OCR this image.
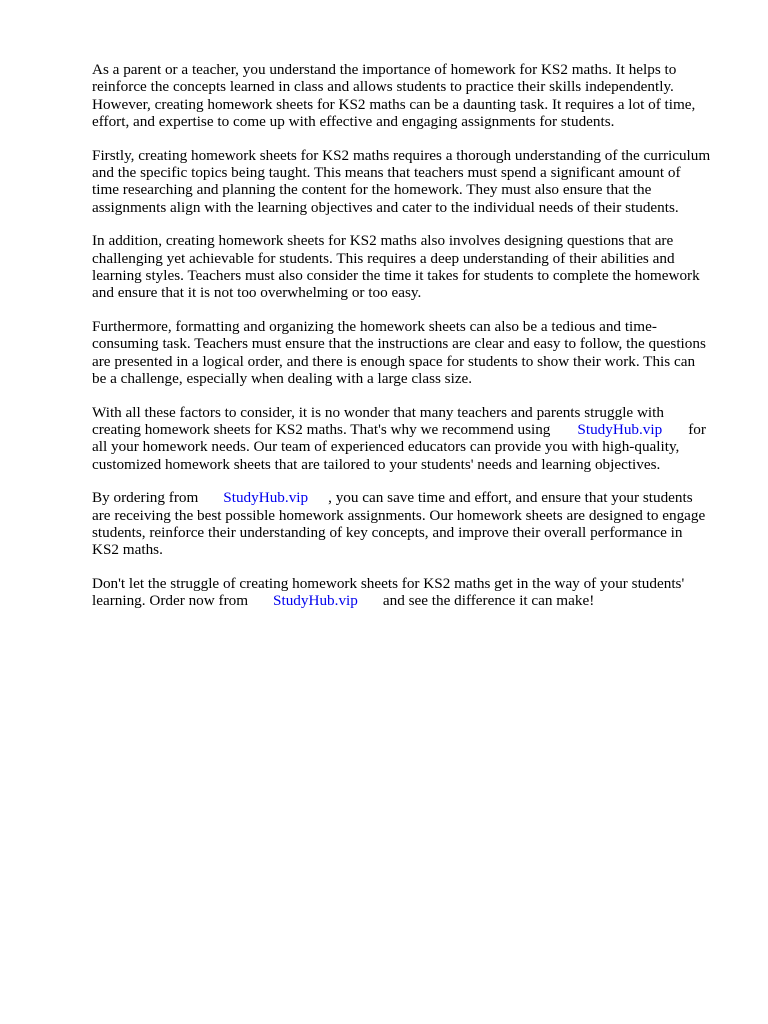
As a parent or a teacher, you understand the importance of homework for KS2 maths. It helps to
reinforce the concepts learned in class and allows students to practice their skills independently.
However, creating homework sheets for KS2 maths can be a daunting task. It requires a lot of time,
effort, and expertise to come up with effective and engaging assignments for students.

Firstly, creating homework sheets for KS2 maths requires a thorough understanding of the curriculum
and the specific topics being taught. This means that teachers must spend a significant amount of
time researching and planning the content for the homework. They must also ensure that the
assignments align with the learning objectives and cater to the individual needs of their students.

In addition, creating homework sheets for KS2 maths also involves designing questions that are
challenging yet achievable for students. This requires a deep understanding of their abilities and
learning styles. Teachers must also consider the time it takes for students to complete the homework
and ensure that it is not too overwhelming or too easy.

Furthermore, formatting and organizing the homework sheets can also be a tedious and time-
consuming task. Teachers must ensure that the instructions are clear and easy to follow, the questions
are presented in a logical order, and there is enough space for students to show their work. This can
be a challenge, especially when dealing with a large class size.

With all these factors to consider, it is no wonder that many teachers and parents struggle with
creating homework sheets for KS2 maths. That's why we recommend using StudyHub.vip for
all your homework needs. Our team of experienced educators can provide you with high-quality,
customized homework sheets that are tailored to your students' needs and learning objectives.

By ordering from StudyHub.vip , you can save time and effort, and ensure that your students
are receiving the best possible homework assignments. Our homework sheets are designed to engage
students, reinforce their understanding of key concepts, and improve their overall performance in
KS2 maths.

Don't let the struggle of creating homework sheets for KS2 maths get in the way of your students'
learning. Order now from StudyHub.vip and see the difference it can make!
